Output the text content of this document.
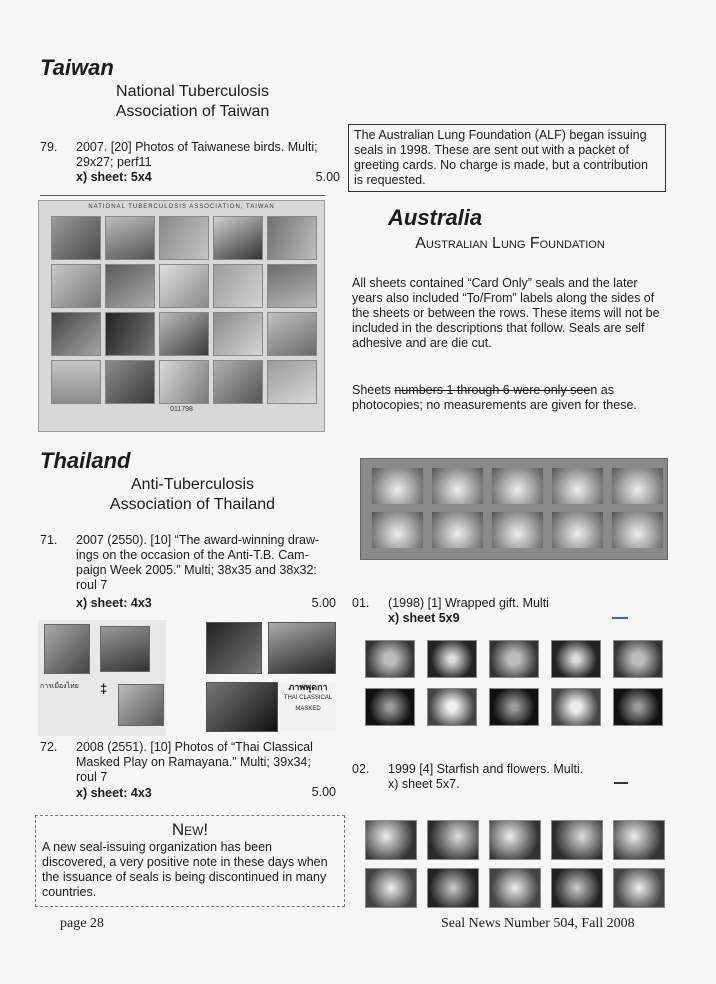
Taiwan
National Tuberculosis
Association of Taiwan
79. 2007. [20] Photos of Taiwanese birds. Multi;
29x27; perf11
x) sheet: 5x4	5.00
NATIONAL TUBERCULOSIS ASSOCIATION, TAIWAN
011798
The Australian Lung Foundation (ALF) began issuing seals in 1998. These are sent out with a packet of greeting cards. No charge is made, but a contribution is requested.
Australia
Australian Lung Foundation
All sheets contained “Card Only” seals and the later years also included “To/From” labels along the sides of the sheets or between the rows. These items will not be included in the descriptions that follow. Seals are self adhesive and are die cut.
Sheets numbers 1 through 6 were only seen as photocopies; no measurements are given for these.
01. (1998) [1] Wrapped gift. Multi
x) sheet 5x9
02. 1999 [4] Starfish and flowers. Multi.
x) sheet 5x7.
Thailand
Anti-Tuberculosis
Association of Thailand
71. 2007 (2550). [10] “The award-winning draw-
ings on the occasion of the Anti-T.B. Cam-
paign Week 2005.” Multi; 38x35 and 38x32:
roul 7
x) sheet: 4x3	5.00
การเมื่องไทย	‡	ภาพพุดกา
THAI CLASSICAL MASKED
72. 2008 (2551). [10] Photos of “Thai Classical
Masked Play on Ramayana.” Multi; 39x34;
roul 7
x) sheet: 4x3	5.00
New!
A new seal-issuing organization has been discovered, a very positive note in these days when the issuance of seals is being discontinued in many countries.
page 28	Seal News Number 504, Fall 2008
